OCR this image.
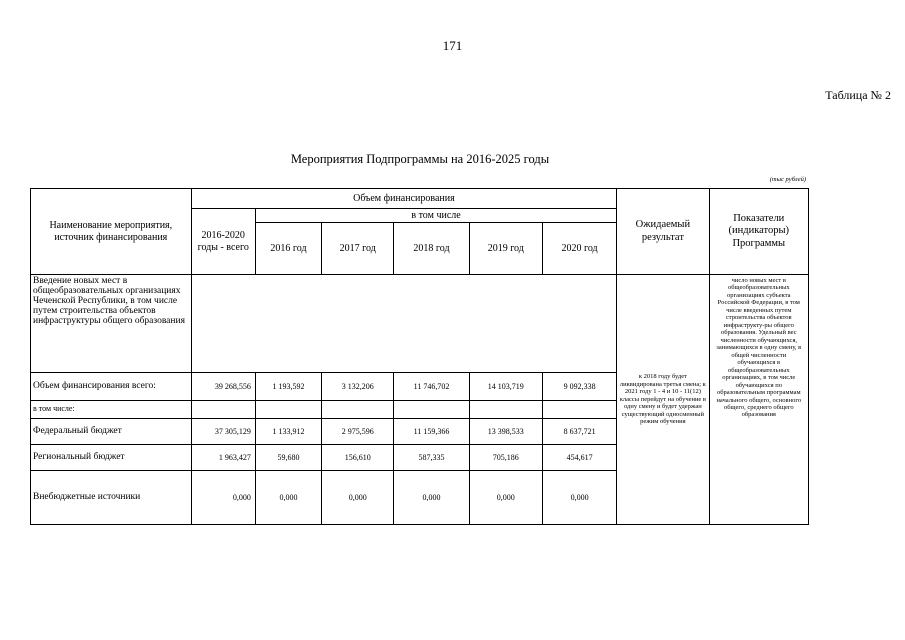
171
Таблица № 2
Мероприятия Подпрограммы на 2016-2025 годы
(тыс рублей)
Наименование мероприятия, источник финансирования	Объем финансирования						Ожидаемый результат	Показатели (индикаторы) Программы
	2016-2020 годы - всего	в том числе						
		2016 год	2017 год	2018 год	2019 год	2020 год		
Введение новых мест в общеобразовательных организациях Чеченской Республики, в том числе путем строительства объектов инфраструктуры общего образования							к 2018 году будет ликвидирована третья смена; к 2021 году 1 - 4 и 10 - 11(12) классы перейдут на обучение в одну смену и будет удержан существующий односменный режим обучения	число новых мест в общеобразовательных организациях субъекта Российской Федерации, в том числе введенных путем строительства объектов инфраструкту-ры общего образования. Удельный вес численности обучающихся, занимающихся в одну смену, в общей численности обучающихся в общеобразовательных организациях, в том числе обучающихся по образовательным программам начального общего, основного общего, среднего общего образования
Объем финансирования всего:	39 268,556	1 193,592	3 132,206	11 746,702	14 103,719	9 092,338		
в том числе:								
Федеральный бюджет	37 305,129	1 133,912	2 975,596	11 159,366	13 398,533	8 637,721		
Региональный бюджет	1 963,427	59,680	156,610	587,335	705,186	454,617		
Внебюджетные источники	0,000	0,000	0,000	0,000	0,000	0,000		
